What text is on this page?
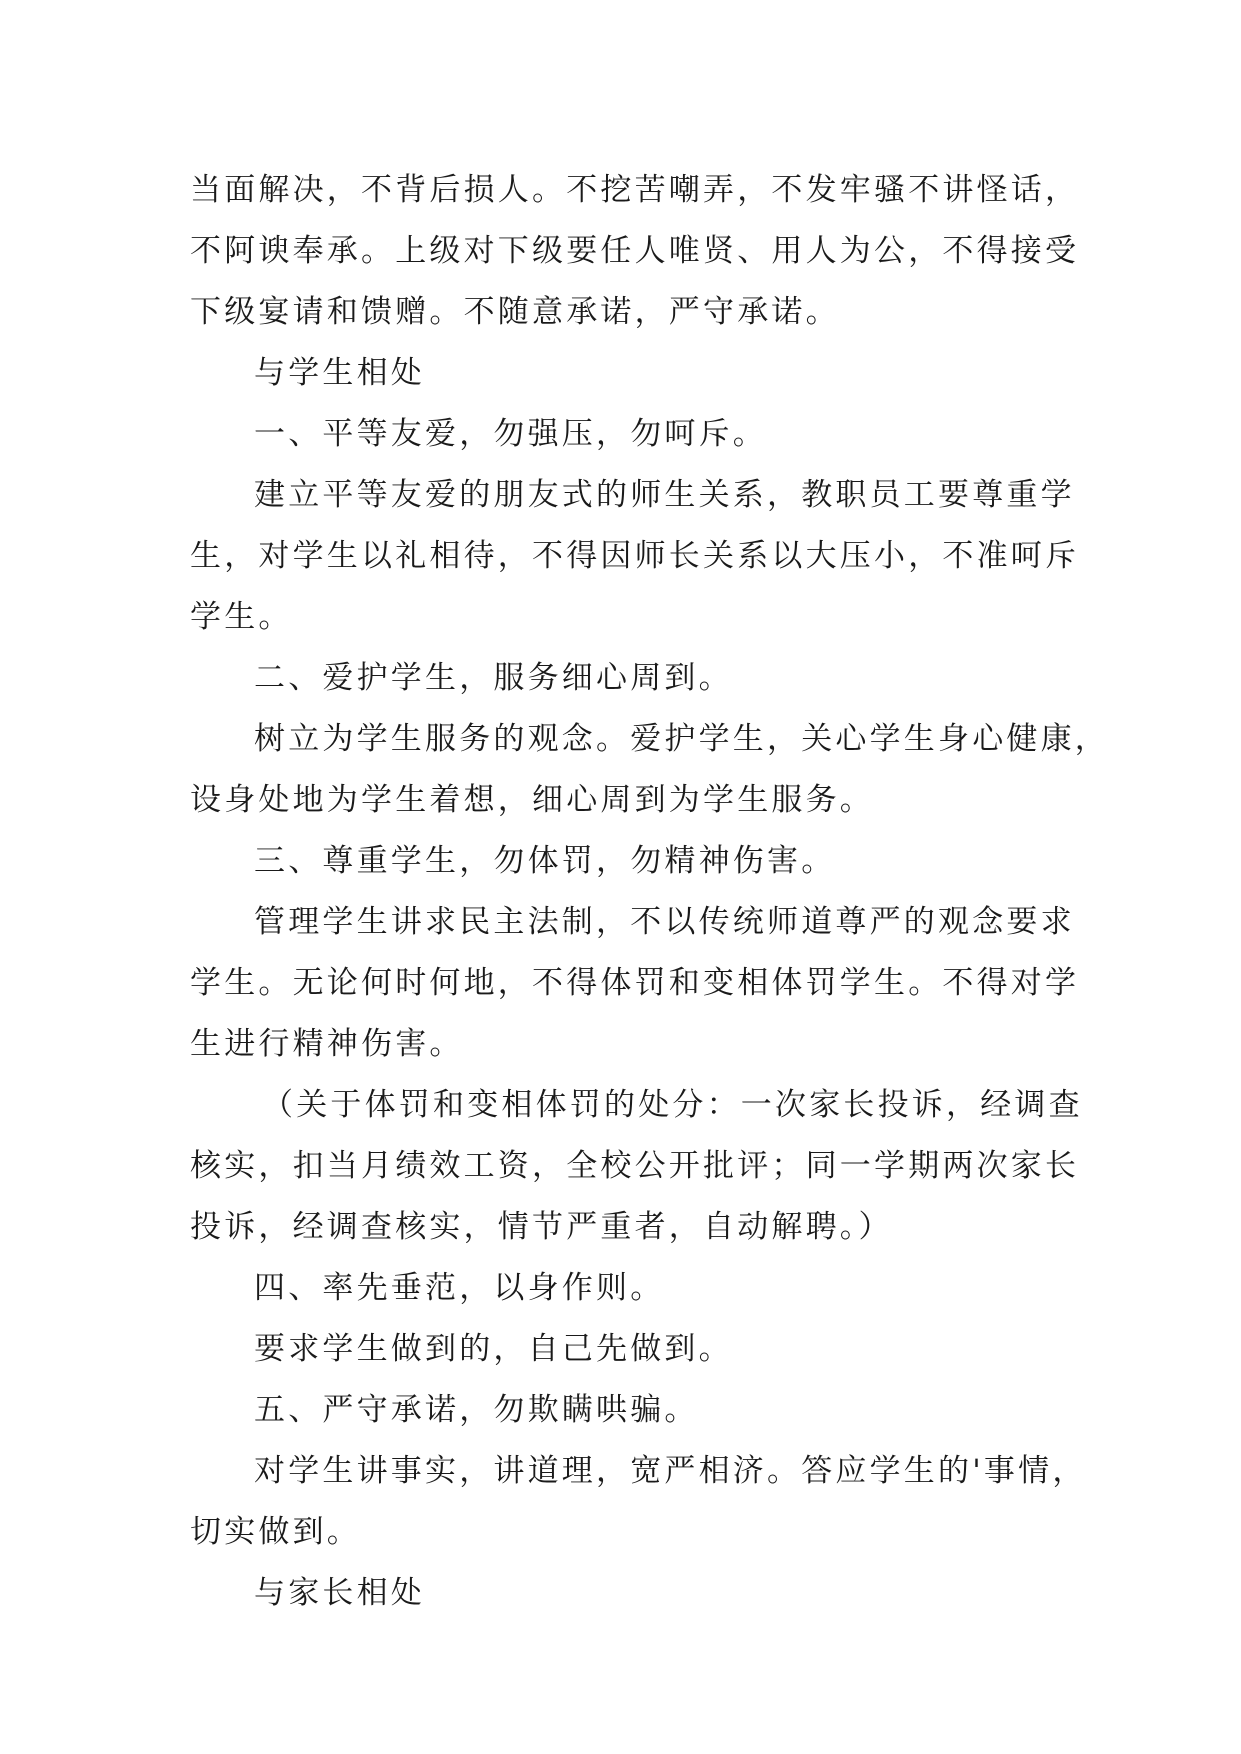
当面解决，不背后损人。不挖苦嘲弄，不发牢骚不讲怪话，
不阿谀奉承。上级对下级要任人唯贤、用人为公，不得接受
下级宴请和馈赠。不随意承诺，严守承诺。
与学生相处
一、平等友爱，勿强压，勿呵斥。
建立平等友爱的朋友式的师生关系，教职员工要尊重学
生，对学生以礼相待，不得因师长关系以大压小，不准呵斥
学生。
二、爱护学生，服务细心周到。
树立为学生服务的观念。爱护学生，关心学生身心健康，
设身处地为学生着想，细心周到为学生服务。
三、尊重学生，勿体罚，勿精神伤害。
管理学生讲求民主法制，不以传统师道尊严的观念要求
学生。无论何时何地，不得体罚和变相体罚学生。不得对学
生进行精神伤害。
（关于体罚和变相体罚的处分：一次家长投诉，经调查
核实，扣当月绩效工资，全校公开批评；同一学期两次家长
投诉，经调查核实，情节严重者，自动解聘。）
四、率先垂范，以身作则。
要求学生做到的，自己先做到。
五、严守承诺，勿欺瞒哄骗。
对学生讲事实，讲道理，宽严相济。答应学生的'事情，
切实做到。
与家长相处
